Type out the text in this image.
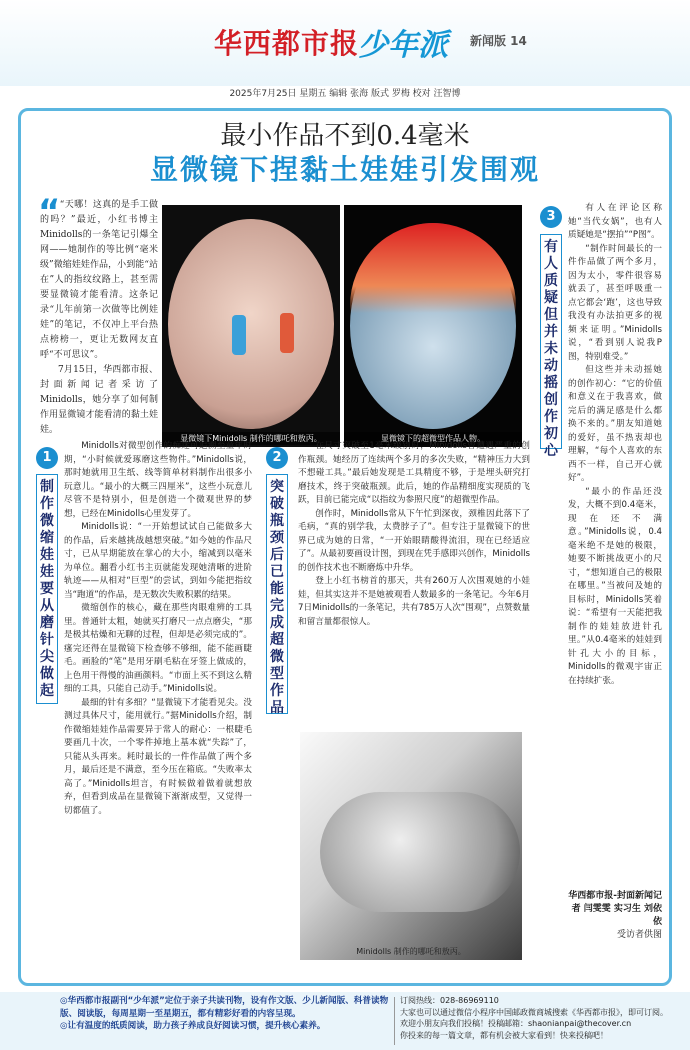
华西都市报
少年派 新闻版 14
2025年7月25日 星期五 编辑 张海 版式 罗梅 校对 汪智博
最小作品不到0.4毫米
显微镜下捏黏土娃娃引发围观
“ “天哪！这真的是手工做的吗？”最近，小红书博主Minidolls的一条笔记引爆全网——她制作的等比例“毫米级”微缩娃娃作品，小到能“站在”人的指纹纹路上，甚至需要显微镜才能看清。这条记录“儿年前第一次做等比例娃娃”的笔记，不仅冲上平台热点榜榜一，更让无数网友直呼“不可思议”。

7月15日，华西都市报、封面新闻记者采访了Minidolls，她分享了如何制作用显微镜才能看清的黏土娃娃。

显微镜下Minidolls 制作的哪吒和敖丙。	显微镜下的超微型作品人物。
3
有人质疑但并未动摇创作初心

有人在评论区称她“当代女娲”，也有人质疑她是“摆拍”“P图”。

“制作时间最长的一件作品做了两个多月，因为太小，零件很容易就丢了，甚至呼吸重一点它都会‘跑’，这也导致我没有办法拍更多的视频来证明。”Minidolls说，“看到别人说我P图，特别难受。”

但这些并未动摇她的创作初心：“它的价值和意义在于我喜欢，做完后的满足感是什么都换不来的。”朋友知道她的爱好，虽不热衷却也理解，“每个人喜欢的东西不一样，自己开心就好”。

“最小的作品还没发，大概不到0.4毫米，现在还不满意。”Minidolls说，0.4毫米绝不是她的极限，她要不断挑战更小的尺寸，“想知道自己的极限在哪里。”当被问及她的目标时，Minidolls笑着说：“希望有一天能把我制作的娃娃放进针孔里。”从0.4毫米的娃娃到针孔大小的目标，Minidolls的微观宇宙正在持续扩张。

1
制作微缩娃娃要从磨针尖做起

Minidolls对微型创作的痴迷可追溯至童年时期，“小时候就爱琢磨这些物件。”Minidolls说，那时她就用卫生纸、线等简单材料制作出很多小玩意儿。“最小的大概三四厘米”，这些小玩意儿尽管不是特别小，但是创造一个微观世界的梦想，已经在Minidolls心里发芽了。

Minidolls说：“一开始想试试自己能做多大的作品，后来越挑战越想突破。”如今她的作品尺寸，已从早期能放在掌心的大小，缩减到以毫米为单位。翻看小红书主页就能发现她清晰的进阶轨迹——从相对“巨型”的尝试，到如今能把指纹当“跑道”的作品，是无数次失败积累的结果。

微缩创作的核心，藏在那些肉眼难辨的工具里。普通针太粗，她就买打磨尺一点点磨尖，“那是极其枯燥和无聊的过程，但却是必须完成的”。瘙完还得在显微镜下检查够不够细，能不能画睫毛。画脸的“笔”是用牙刷毛粘在牙签上做成的，上色用干得慢的油画颜料。“市面上买不到这么精细的工具，只能自己动手。”Minidolls说。

最细的针有多细？“显微镜下才能看见尖。没测过具体尺寸，能用就行。”据Minidolls介绍，制作微缩娃娃作品需要异于常人的耐心：一根睫毛要画几十次，一个零件掉地上基本就“失踪”了，只能从头再来。耗时最长的一件作品做了两个多月，最后还是不满意，至今压在箱底。“失败率太高了。”Minidolls坦言，有时候做着做着就想放弃，但看到成品在显微镜下渐渐成型，又觉得一切都值了。

2
突破瓶颈后已能完成超微型作品

在尺寸突破至1毫米级别时，Minidolls曾遭遇严重的创作瓶颈。她经历了连续两个多月的多次失败，“精神压力大到不想碰工具。”最后她发现是工具精度不够，于是埋头研究打磨技术，终于突破瓶颈。此后，她的作品精细度实现质的飞跃，目前已能完成“以指纹为参照尺度”的超微型作品。

创作时，Minidolls常从下午忙到深夜，颈椎因此落下了毛病，“真的别学我，太费脖子了”。但专注于显微镜下的世界已成为她的日常，“一开始眼睛酸得流泪，现在已经适应了”。从最初要画设计图，到现在凭手感即兴创作，Minidolls的创作技术也不断磨炼中升华。

登上小红书榜首的那天，共有260万人次围观她的小娃娃，但其实这并不是她被观看人数最多的一条笔记。今年6月7日Minidolls的一条笔记，共有785万人次“围观”，点赞数量和留言量都很惊人。

Minidolls 制作的哪吒和敖丙。
华西都市报-封面新闻记者 闫雯雯 实习生 刘依依
受访者供图
◎华西都市报副刊“少年派”定位于亲子共读刊物，设有作文版、少儿新闻版、科普读物版、阅读版，每周星期一至星期五，都有精彩好看的内容呈现。
◎让有温度的纸质阅读，助力孩子养成良好阅读习惯，提升核心素养。
订阅热线：028-86969110
大家也可以通过微信小程序中国邮政微商城搜索《华西都市报》，即可订阅。
欢迎小朋友向我们投稿！投稿邮箱：shaonianpai@thecover.cn
你投来的每一篇文章，都有机会被大家看到！快来投稿吧！
